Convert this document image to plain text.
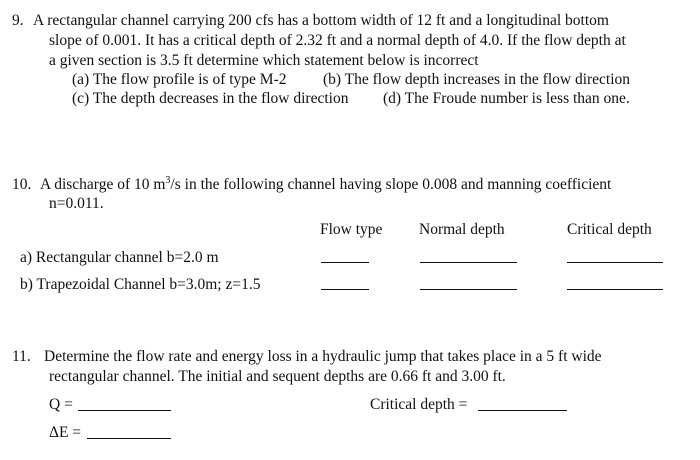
9. A rectangular channel carrying 200 cfs has a bottom width of 12 ft and a longitudinal bottom
slope of 0.001. It has a critical depth of 2.32 ft and a normal depth of 4.0. If the flow depth at
a given section is 3.5 ft determine which statement below is incorrect
(a) The flow profile is of type M-2 (b) The flow depth increases in the flow direction
(c) The depth decreases in the flow direction (d) The Froude number is less than one.
10. A discharge of 10 $m^3/s$ in the following channel having slope 0.008 and manning coefficient
n=0.011.
Flow type Normal depth	Critical depth
a) Rectangular channel b=2.0 m
b) Trapezoidal Channel b=3.0m; z=1.5
11. Determine the flow rate and energy loss in a hydraulic jump that takes place in a 5 ft wide
rectangular channel. The initial and sequent depths are 0.66 ft and 3.00 ft.
Q =	Critical depth =
ΔE =
